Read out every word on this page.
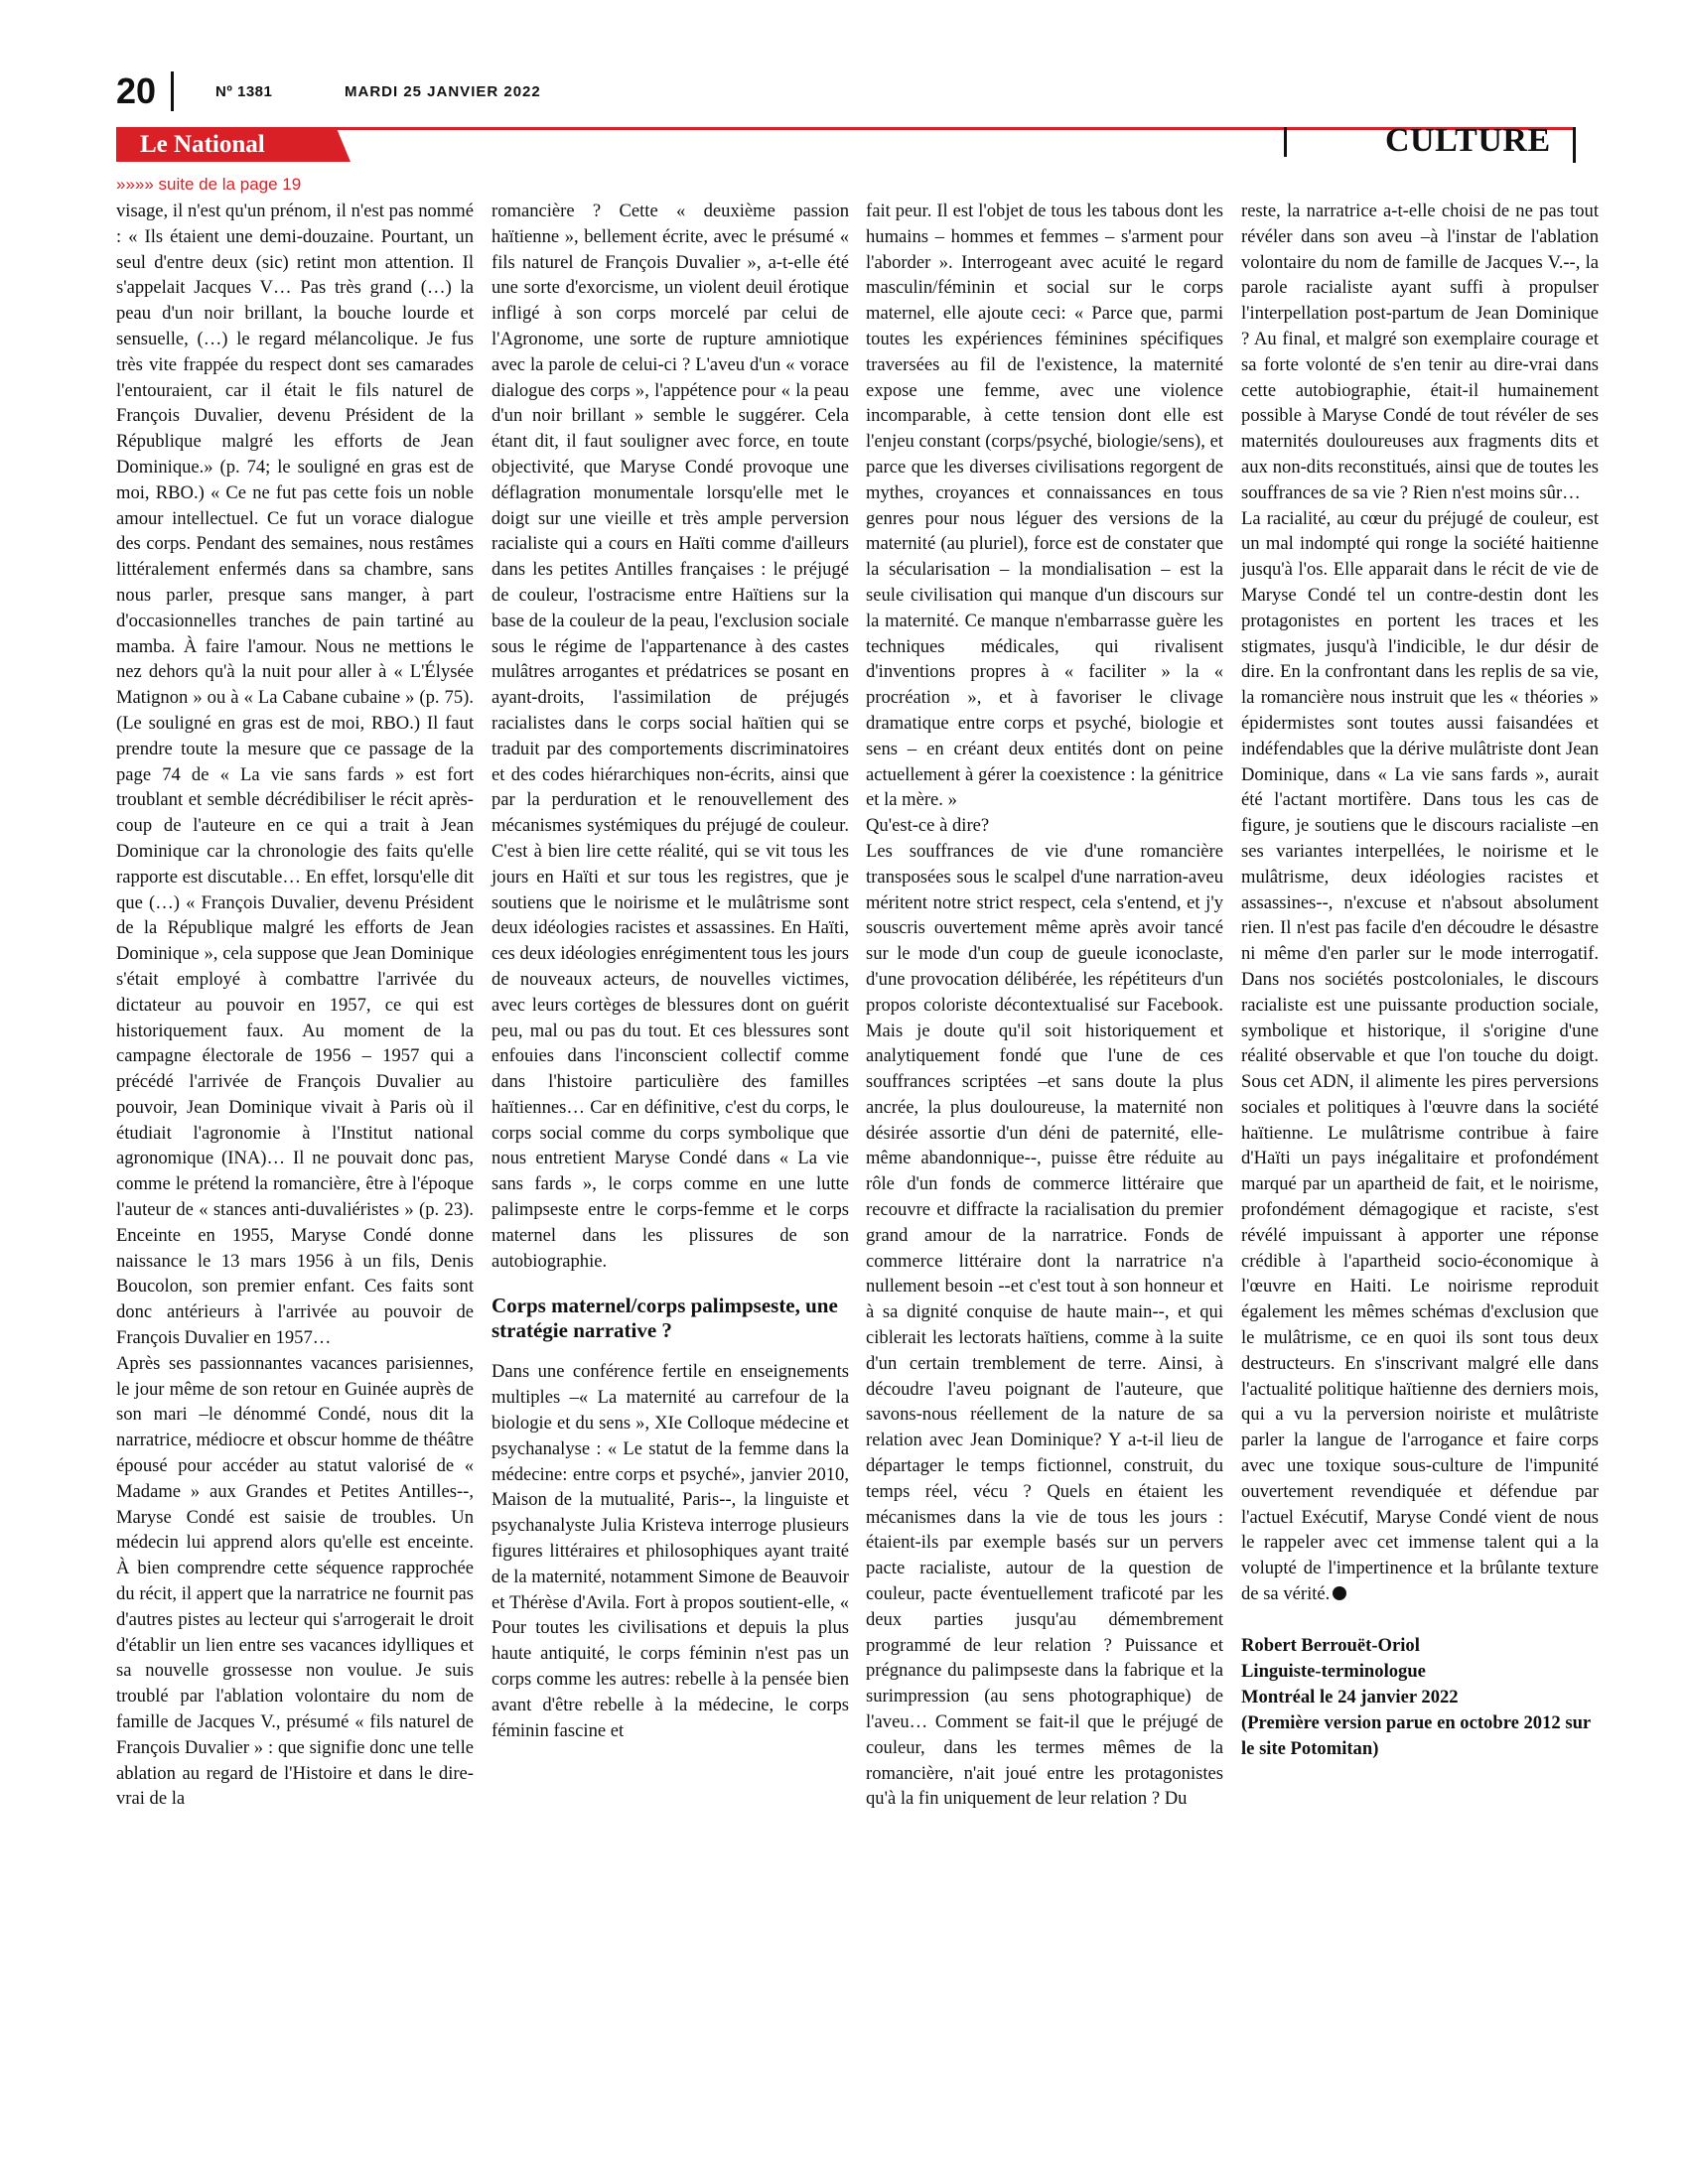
20	Nº 1381	MARDI 25 JANVIER 2022
Le National	CULTURE
»»»» suite de la page 19

visage, il n'est qu'un prénom, il n'est pas nommé : « Ils étaient une demi-douzaine. Pourtant, un seul d'entre deux (sic) retint mon attention. Il s'appelait Jacques V… Pas très grand (…) la peau d'un noir brillant, la bouche lourde et sensuelle, (…) le regard mélancolique. Je fus très vite frappée du respect dont ses camarades l'entouraient, car il était le fils naturel de François Duvalier, devenu Président de la République malgré les efforts de Jean Dominique.» (p. 74; le souligné en gras est de moi, RBO.) « Ce ne fut pas cette fois un noble amour intellectuel. Ce fut un vorace dialogue des corps. Pendant des semaines, nous restâmes littéralement enfermés dans sa chambre, sans nous parler, presque sans manger, à part d'occasionnelles tranches de pain tartiné au mamba. À faire l'amour. Nous ne mettions le nez dehors qu'à la nuit pour aller à « L'Élysée Matignon » ou à « La Cabane cubaine » (p. 75). (Le souligné en gras est de moi, RBO.) Il faut prendre toute la mesure que ce passage de la page 74 de « La vie sans fards » est fort troublant et semble décrédibiliser le récit après-coup de l'auteure en ce qui a trait à Jean Dominique car la chronologie des faits qu'elle rapporte est discutable… En effet, lorsqu'elle dit que (…) « François Duvalier, devenu Président de la République malgré les efforts de Jean Dominique », cela suppose que Jean Dominique s'était employé à combattre l'arrivée du dictateur au pouvoir en 1957, ce qui est historiquement faux. Au moment de la campagne électorale de 1956 – 1957 qui a précédé l'arrivée de François Duvalier au pouvoir, Jean Dominique vivait à Paris où il étudiait l'agronomie à l'Institut national agronomique (INA)… Il ne pouvait donc pas, comme le prétend la romancière, être à l'époque l'auteur de « stances anti-duvaliéristes » (p. 23). Enceinte en 1955, Maryse Condé donne naissance le 13 mars 1956 à un fils, Denis Boucolon, son premier enfant. Ces faits sont donc antérieurs à l'arrivée au pouvoir de François Duvalier en 1957…

Après ses passionnantes vacances parisiennes, le jour même de son retour en Guinée auprès de son mari –le dénommé Condé, nous dit la narratrice, médiocre et obscur homme de théâtre épousé pour accéder au statut valorisé de « Madame » aux Grandes et Petites Antilles--, Maryse Condé est saisie de troubles. Un médecin lui apprend alors qu'elle est enceinte. À bien comprendre cette séquence rapprochée du récit, il appert que la narratrice ne fournit pas d'autres pistes au lecteur qui s'arrogerait le droit d'établir un lien entre ses vacances idylliques et sa nouvelle grossesse non voulue. Je suis troublé par l'ablation volontaire du nom de famille de Jacques V., présumé « fils naturel de François Duvalier » : que signifie donc une telle ablation au regard de l'Histoire et dans le dire-vrai de la

romancière ? Cette « deuxième passion haïtienne », bellement écrite, avec le présumé « fils naturel de François Duvalier », a-t-elle été une sorte d'exorcisme, un violent deuil érotique infligé à son corps morcelé par celui de l'Agronome, une sorte de rupture amniotique avec la parole de celui-ci ? L'aveu d'un « vorace dialogue des corps », l'appétence pour « la peau d'un noir brillant » semble le suggérer. Cela étant dit, il faut souligner avec force, en toute objectivité, que Maryse Condé provoque une déflagration monumentale lorsqu'elle met le doigt sur une vieille et très ample perversion racialiste qui a cours en Haïti comme d'ailleurs dans les petites Antilles françaises : le préjugé de couleur, l'ostracisme entre Haïtiens sur la base de la couleur de la peau, l'exclusion sociale sous le régime de l'appartenance à des castes mulâtres arrogantes et prédatrices se posant en ayant-droits, l'assimilation de préjugés racialistes dans le corps social haïtien qui se traduit par des comportements discriminatoires et des codes hiérarchiques non-écrits, ainsi que par la perduration et le renouvellement des mécanismes systémiques du préjugé de couleur. C'est à bien lire cette réalité, qui se vit tous les jours en Haïti et sur tous les registres, que je soutiens que le noirisme et le mulâtrisme sont deux idéologies racistes et assassines. En Haïti, ces deux idéologies enrégimentent tous les jours de nouveaux acteurs, de nouvelles victimes, avec leurs cortèges de blessures dont on guérit peu, mal ou pas du tout. Et ces blessures sont enfouies dans l'inconscient collectif comme dans l'histoire particulière des familles haïtiennes… Car en définitive, c'est du corps, le corps social comme du corps symbolique que nous entretient Maryse Condé dans « La vie sans fards », le corps comme en une lutte palimpseste entre le corps-femme et le corps maternel dans les plissures de son autobiographie.

Corps maternel/corps palimpseste, une stratégie narrative ?

Dans une conférence fertile en enseignements multiples –« La maternité au carrefour de la biologie et du sens », XIe Colloque médecine et psychanalyse : « Le statut de la femme dans la médecine: entre corps et psyché», janvier 2010, Maison de la mutualité, Paris--, la linguiste et psychanalyste Julia Kristeva interroge plusieurs figures littéraires et philosophiques ayant traité de la maternité, notamment Simone de Beauvoir et Thérèse d'Avila. Fort à propos soutient-elle, « Pour toutes les civilisations et depuis la plus haute antiquité, le corps féminin n'est pas un corps comme les autres: rebelle à la pensée bien avant d'être rebelle à la médecine, le corps féminin fascine et

fait peur. Il est l'objet de tous les tabous dont les humains – hommes et femmes – s'arment pour l'aborder ». Interrogeant avec acuité le regard masculin/féminin et social sur le corps maternel, elle ajoute ceci: « Parce que, parmi toutes les expériences féminines spécifiques traversées au fil de l'existence, la maternité expose une femme, avec une violence incomparable, à cette tension dont elle est l'enjeu constant (corps/psyché, biologie/sens), et parce que les diverses civilisations regorgent de mythes, croyances et connaissances en tous genres pour nous léguer des versions de la maternité (au pluriel), force est de constater que la sécularisation – la mondialisation – est la seule civilisation qui manque d'un discours sur la maternité. Ce manque n'embarrasse guère les techniques médicales, qui rivalisent d'inventions propres à « faciliter » la « procréation », et à favoriser le clivage dramatique entre corps et psyché, biologie et sens – en créant deux entités dont on peine actuellement à gérer la coexistence : la génitrice et la mère. »

Qu'est-ce à dire?

Les souffrances de vie d'une romancière transposées sous le scalpel d'une narration-aveu méritent notre strict respect, cela s'entend, et j'y souscris ouvertement même après avoir tancé sur le mode d'un coup de gueule iconoclaste, d'une provocation délibérée, les répétiteurs d'un propos coloriste décontextualisé sur Facebook. Mais je doute qu'il soit historiquement et analytiquement fondé que l'une de ces souffrances scriptées –et sans doute la plus ancrée, la plus douloureuse, la maternité non désirée assortie d'un déni de paternité, elle-même abandonnique--, puisse être réduite au rôle d'un fonds de commerce littéraire que recouvre et diffracte la racialisation du premier grand amour de la narratrice. Fonds de commerce littéraire dont la narratrice n'a nullement besoin --et c'est tout à son honneur et à sa dignité conquise de haute main--, et qui ciblerait les lectorats haïtiens, comme à la suite d'un certain tremblement de terre. Ainsi, à découdre l'aveu poignant de l'auteure, que savons-nous réellement de la nature de sa relation avec Jean Dominique? Y a-t-il lieu de départager le temps fictionnel, construit, du temps réel, vécu ? Quels en étaient les mécanismes dans la vie de tous les jours : étaient-ils par exemple basés sur un pervers pacte racialiste, autour de la question de couleur, pacte éventuellement traficoté par les deux parties jusqu'au démembrement programmé de leur relation ? Puissance et prégnance du palimpseste dans la fabrique et la surimpression (au sens photographique) de l'aveu… Comment se fait-il que le préjugé de couleur, dans les termes mêmes de la romancière, n'ait joué entre les protagonistes qu'à la fin uniquement de leur relation ? Du

reste, la narratrice a-t-elle choisi de ne pas tout révéler dans son aveu –à l'instar de l'ablation volontaire du nom de famille de Jacques V.--, la parole racialiste ayant suffi à propulser l'interpellation post-partum de Jean Dominique ? Au final, et malgré son exemplaire courage et sa forte volonté de s'en tenir au dire-vrai dans cette autobiographie, était-il humainement possible à Maryse Condé de tout révéler de ses maternités douloureuses aux fragments dits et aux non-dits reconstitués, ainsi que de toutes les souffrances de sa vie ? Rien n'est moins sûr…

La racialité, au cœur du préjugé de couleur, est un mal indompté qui ronge la société haitienne jusqu'à l'os. Elle apparait dans le récit de vie de Maryse Condé tel un contre-destin dont les protagonistes en portent les traces et les stigmates, jusqu'à l'indicible, le dur désir de dire. En la confrontant dans les replis de sa vie, la romancière nous instruit que les « théories » épidermistes sont toutes aussi faisandées et indéfendables que la dérive mulâtriste dont Jean Dominique, dans « La vie sans fards », aurait été l'actant mortifère. Dans tous les cas de figure, je soutiens que le discours racialiste –en ses variantes interpellées, le noirisme et le mulâtrisme, deux idéologies racistes et assassines--, n'excuse et n'absout absolument rien. Il n'est pas facile d'en découdre le désastre ni même d'en parler sur le mode interrogatif. Dans nos sociétés postcoloniales, le discours racialiste est une puissante production sociale, symbolique et historique, il s'origine d'une réalité observable et que l'on touche du doigt. Sous cet ADN, il alimente les pires perversions sociales et politiques à l'œuvre dans la société haïtienne. Le mulâtrisme contribue à faire d'Haïti un pays inégalitaire et profondément marqué par un apartheid de fait, et le noirisme, profondément démagogique et raciste, s'est révélé impuissant à apporter une réponse crédible à l'apartheid socio-économique à l'œuvre en Haiti. Le noirisme reproduit également les mêmes schémas d'exclusion que le mulâtrisme, ce en quoi ils sont tous deux destructeurs. En s'inscrivant malgré elle dans l'actualité politique haïtienne des derniers mois, qui a vu la perversion noiriste et mulâtriste parler la langue de l'arrogance et faire corps avec une toxique sous-culture de l'impunité ouvertement revendiquée et défendue par l'actuel Exécutif, Maryse Condé vient de nous le rappeler avec cet immense talent qui a la volupté de l'impertinence et la brûlante texture de sa vérité.

Robert Berrouët-Oriol
Linguiste-terminologue
Montréal le 24 janvier 2022
(Première version parue en octobre 2012 sur le site Potomitan)
